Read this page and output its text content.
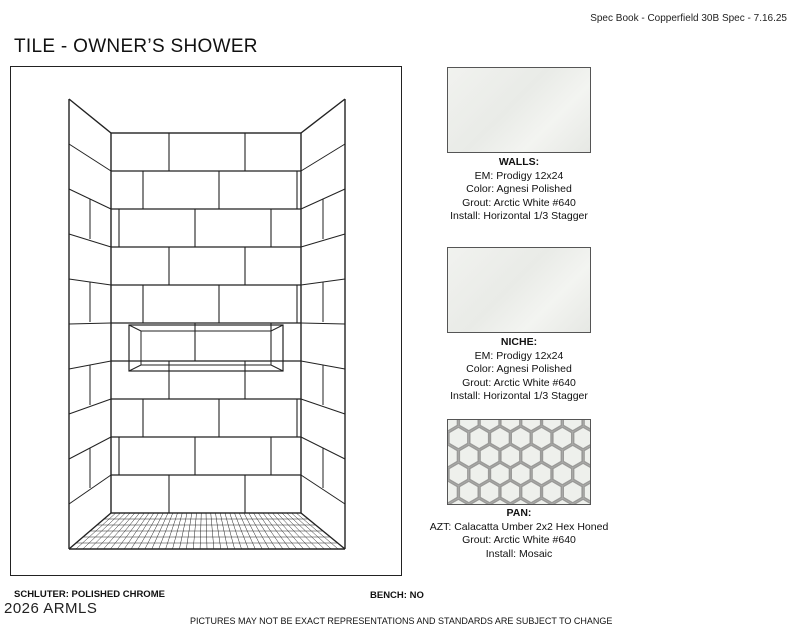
Spec Book - Copperfield 30B Spec - 7.16.25
TILE - OWNER’S SHOWER
WALLS:
EM: Prodigy 12x24
Color: Agnesi Polished
Grout: Arctic White #640
Install: Horizontal 1/3 Stagger
NICHE:
EM: Prodigy 12x24
Color: Agnesi Polished
Grout: Arctic White #640
Install: Horizontal 1/3 Stagger
PAN:
AZT: Calacatta Umber 2x2 Hex Honed
Grout: Arctic White #640
Install: Mosaic
SCHLUTER: POLISHED CHROME	BENCH: NO
2026 ARMLS
PICTURES MAY NOT BE EXACT REPRESENTATIONS AND STANDARDS ARE SUBJECT TO CHANGE
